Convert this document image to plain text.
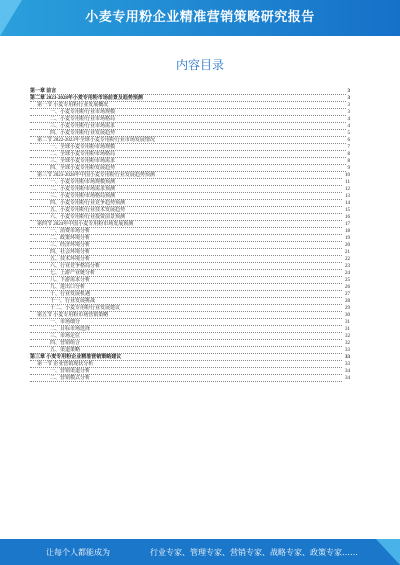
小麦专用粉企业精准营销策略研究报告
内容目录
第一章 前言	3
第二章 2023-2028年小麦专用粉市场前景及趋势预测	3
第一节 小麦专用粉行业发展概况	3
一、小麦专用粉行业市场规模	3
二、小麦专用粉行业市场格局	4
三、小麦专用粉行业市场需求	4
四、小麦专用粉行业发展趋势	5
第二节 2022-2023年全球小麦专用粉行业市场发展情况	6
一、全球小麦专用粉市场规模	7
二、全球小麦专用粉市场格局	8
三、全球小麦专用粉市场需求	8
四、全球小麦专用粉发展趋势	9
第三节 2023-2028年中国小麦专用粉行业发展趋势预测	10
一、小麦专用粉市场规模预测	11
二、小麦专用粉市场需求预测	12
三、小麦专用粉市场格局预测	13
四、小麦专用粉行业竞争趋势预测	14
五、小麦专用粉行业技术发展趋势	15
六、小麦专用粉行业投资前景预测	16
第四节 2024年中国小麦专用粉市场发展预测	17
一、消费市场分析	18
二、政策环境分析	19
三、经济环境分析	20
四、社会环境分析	21
五、技术环境分析	22
六、行业竞争格局分析	23
七、上游产业链分析	24
八、下游需求分析	25
九、进出口分析	26
十、行业发展机遇	27
十一、行业发展挑战	28
十二、小麦专用粉行业发展建议	29
第五节 小麦专用粉市场营销策略	30
一、市场细分	31
二、目标市场选择	31
三、市场定位	32
四、营销组合	32
五、渠道策略	33
第三章 小麦专用粉企业精准营销策略建议	33
第一节 企业营销现状分析	33
一、营销渠道分析	34
二、营销模式分析	34
让每个人都能成为	行业专家、管理专家、营销专家、战略专家、政策专家……
